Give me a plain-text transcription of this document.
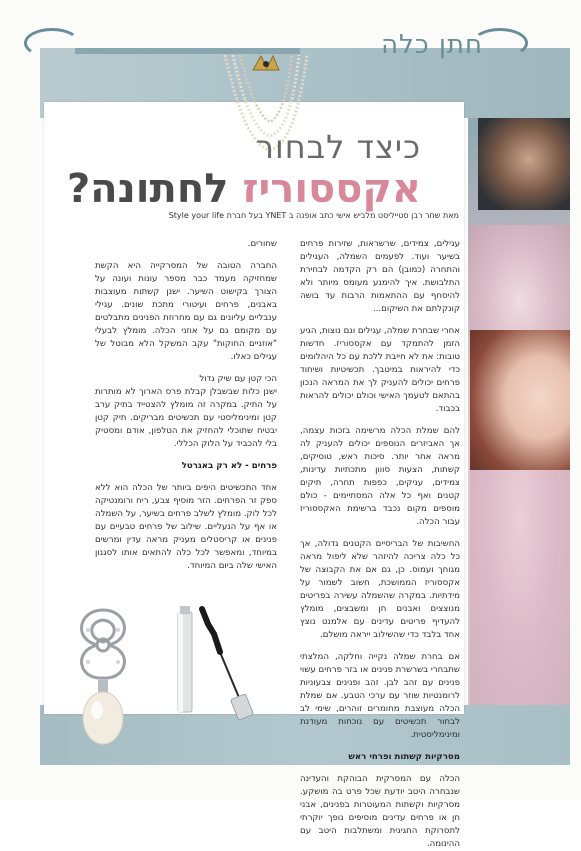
חתן כלה
כיצד לבחור
אקססוריז לחתונה?
מאת שחר רבן סטייליסט מלביש אישי כתב אופנה ב YNET בעל חברת Style your life

עגילים, צמידים, שרשראות, שזירות פרחים בשיער ועוד. לפעמים השמלה, העגילים והתחרה (כמובן) הם רק הקדמה לבחירת התלבושת. איך להימנע מעומס מיותר ולא להיסחף עם ההתאמות הרבות עד בושה קונקלתם את השיקום...

אחרי שבחרת שמלה, עגילים וגם נוצות, הגיע הזמן להתמקד עם אקססוריז. חדשות טובות: את לא חייבת ללכת עם כל היהלומים כדי להיראות במיטבך. תכשיטיות ושיחוד פרחים יכולים להעניק לך את המראה הנכון בהתאם לטעמך האישי וכולם יכולים להראות בכבוד.

להם שמלת הכלה מרשימה בזכות עצמה, אך האביזרים הנוספים יכולים להעניק לה מראה אחר יותר. סיכות ראש, טוסיקים, קשתות, הצעות סווון מתכתיות עדינות, צמידים, עניקים, כפפות תחרה, תיקים קטנים ואף כל אלה המסתיימים - כולם מוספים מקום נכבד ברשימת האקססוריז עבור הכלה.

החשיבות של הבריסיים הקטנים גדולה, אך כל כלה צריכה להיזהר שלא ליפול מראה מגוחך ועמוס. כן, גם אם את הקבוצה של אקססוריז הממושכת, חשוב לשמור על מידתיות. במקרה שהשמלה עשירה בפריטים מנוצצים ואבנים חן ומשבצים, מומלץ להעדיף פריטים עדינים עם אלמנט נוצץ אחד בלבד כדי שהשילוב ייראה מושלם.

אם בחרת שמלה נקייה וחלקה, המלצתי שתבחרי בשרשרת פנינים או בזר פרחים עשוי פנינים עם זהב לבן. זהב ופנינים צבעוניות לרומנטיות שוזר עם ערכי הטבע. אם שמלת הכלה מעוצבת מחומרים זוהרים, שימי לב לבחור תכשיטים עם נוכחות מעודנת ומינימליסטית.

מסרקיות קשתות ופרחי ראש

הכלה עם המסרקית הבוהקת והעדינה שנבחרה היטב יודעת שכל פרט בה מושקע. מסרקיות וקשתות המעוטרות בפנינים, אבני חן או פרחים עדינים מוסיפים נופך יוקרתי לתסרוקת החגיגית ומשתלבות היטב עם ההינומה.

שחורים.

החברה הטובה של המסרקייה היא הקשת שמחזיקה מעמד כבר מספר עונות ועונה על הצורך בקישוט השיער. ישנן קשתות מעוצבות באבנים, פרחים ועיטורי מתכת שונים. עגילי ענבליים עליונים גם עם מחרוזת הפנינים מתבלטים עם מקומם גם על אוזני הכלה. מומלץ לבעלי "אוזניים החוקות" עקב המשקל הלא מבוטל של עגילים כאלו.

הכי קטן עם שיק גדול

ישנן כלות שבשבלן קבלת פרס הארוך לא מותרות על התיק. במקרה זה מומלץ להצטייד בתיק ערב קטן ומינימליסטי עם תכשיטים מבריקים. תיק קטן יבטיח שתוכלי להחזיק את הטלפון, אודם ומסטיק בלי להכביד על הלוק הכללי.

פרחים - לא רק באגרטל

אחד התכשיטים היפים ביותר של הכלה הוא ללא ספק זר הפרחים. הזר מוסיף צבע, ריח ורומנטיקה לכל לוק. מומלץ לשלב פרחים בשיער, על השמלה או אף על הנעליים. שילוב של פרחים טבעיים עם פנינים או קריסטלים מעניק מראה עדין ומרשים במיוחד, ומאפשר לכל כלה להתאים אותו לסגנון האישי שלה ביום המיוחד.
